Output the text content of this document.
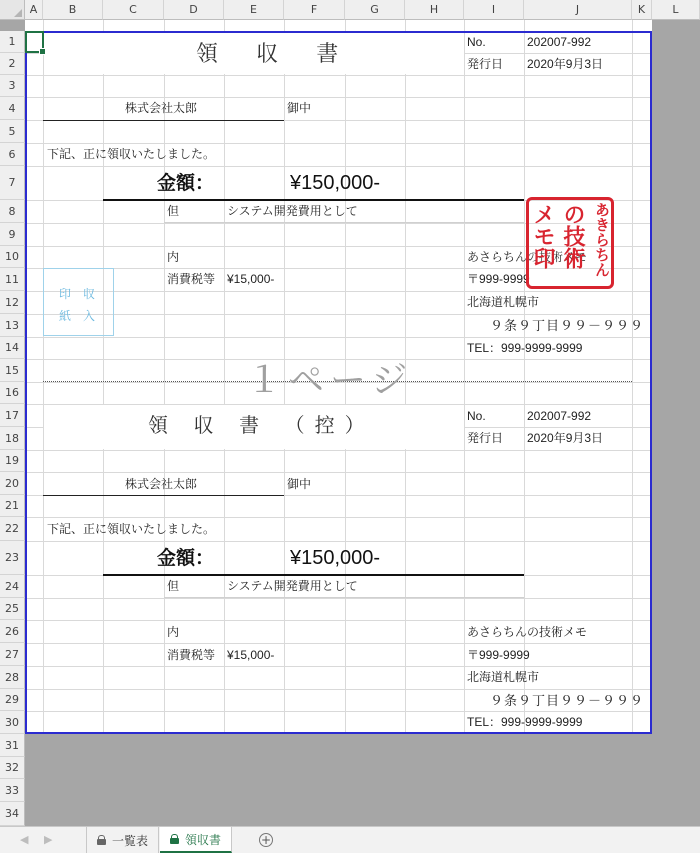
A	B	C	D	E	F	G	H	I	J	K	L
1
2
3
4
5
6
7
8
9
10
11
12
13
14
15
16
17
18
19
20
21
22
23
24
25
26
27
28
29
30
31
32
33
34
領 収 書	No.	202007-992
発行日 2020年9月3日
株式会社太郎	御中
下記、正に領収いたしました。
金額：	¥150,000-
但	システム開発費用として
内
消費税等 ¥15,000-
あさらちんの技術メモ
〒999-9999
北海道札幌市
９条９丁目９９－９９９
TEL：999-9999-9999
印　収
紙　入
あきらちん
の技術
メモ印
１ページ
領 収 書 （控）	No.	202007-992
発行日 2020年9月3日
株式会社太郎	御中
下記、正に領収いたしました。
金額：	¥150,000-
但	システム開発費用として
内
消費税等 ¥15,000-
あさらちんの技術メモ
〒999-9999
北海道札幌市
９条９丁目９９－９９９
TEL：999-9999-9999
◀ ▶	一覧表	領収書	+
